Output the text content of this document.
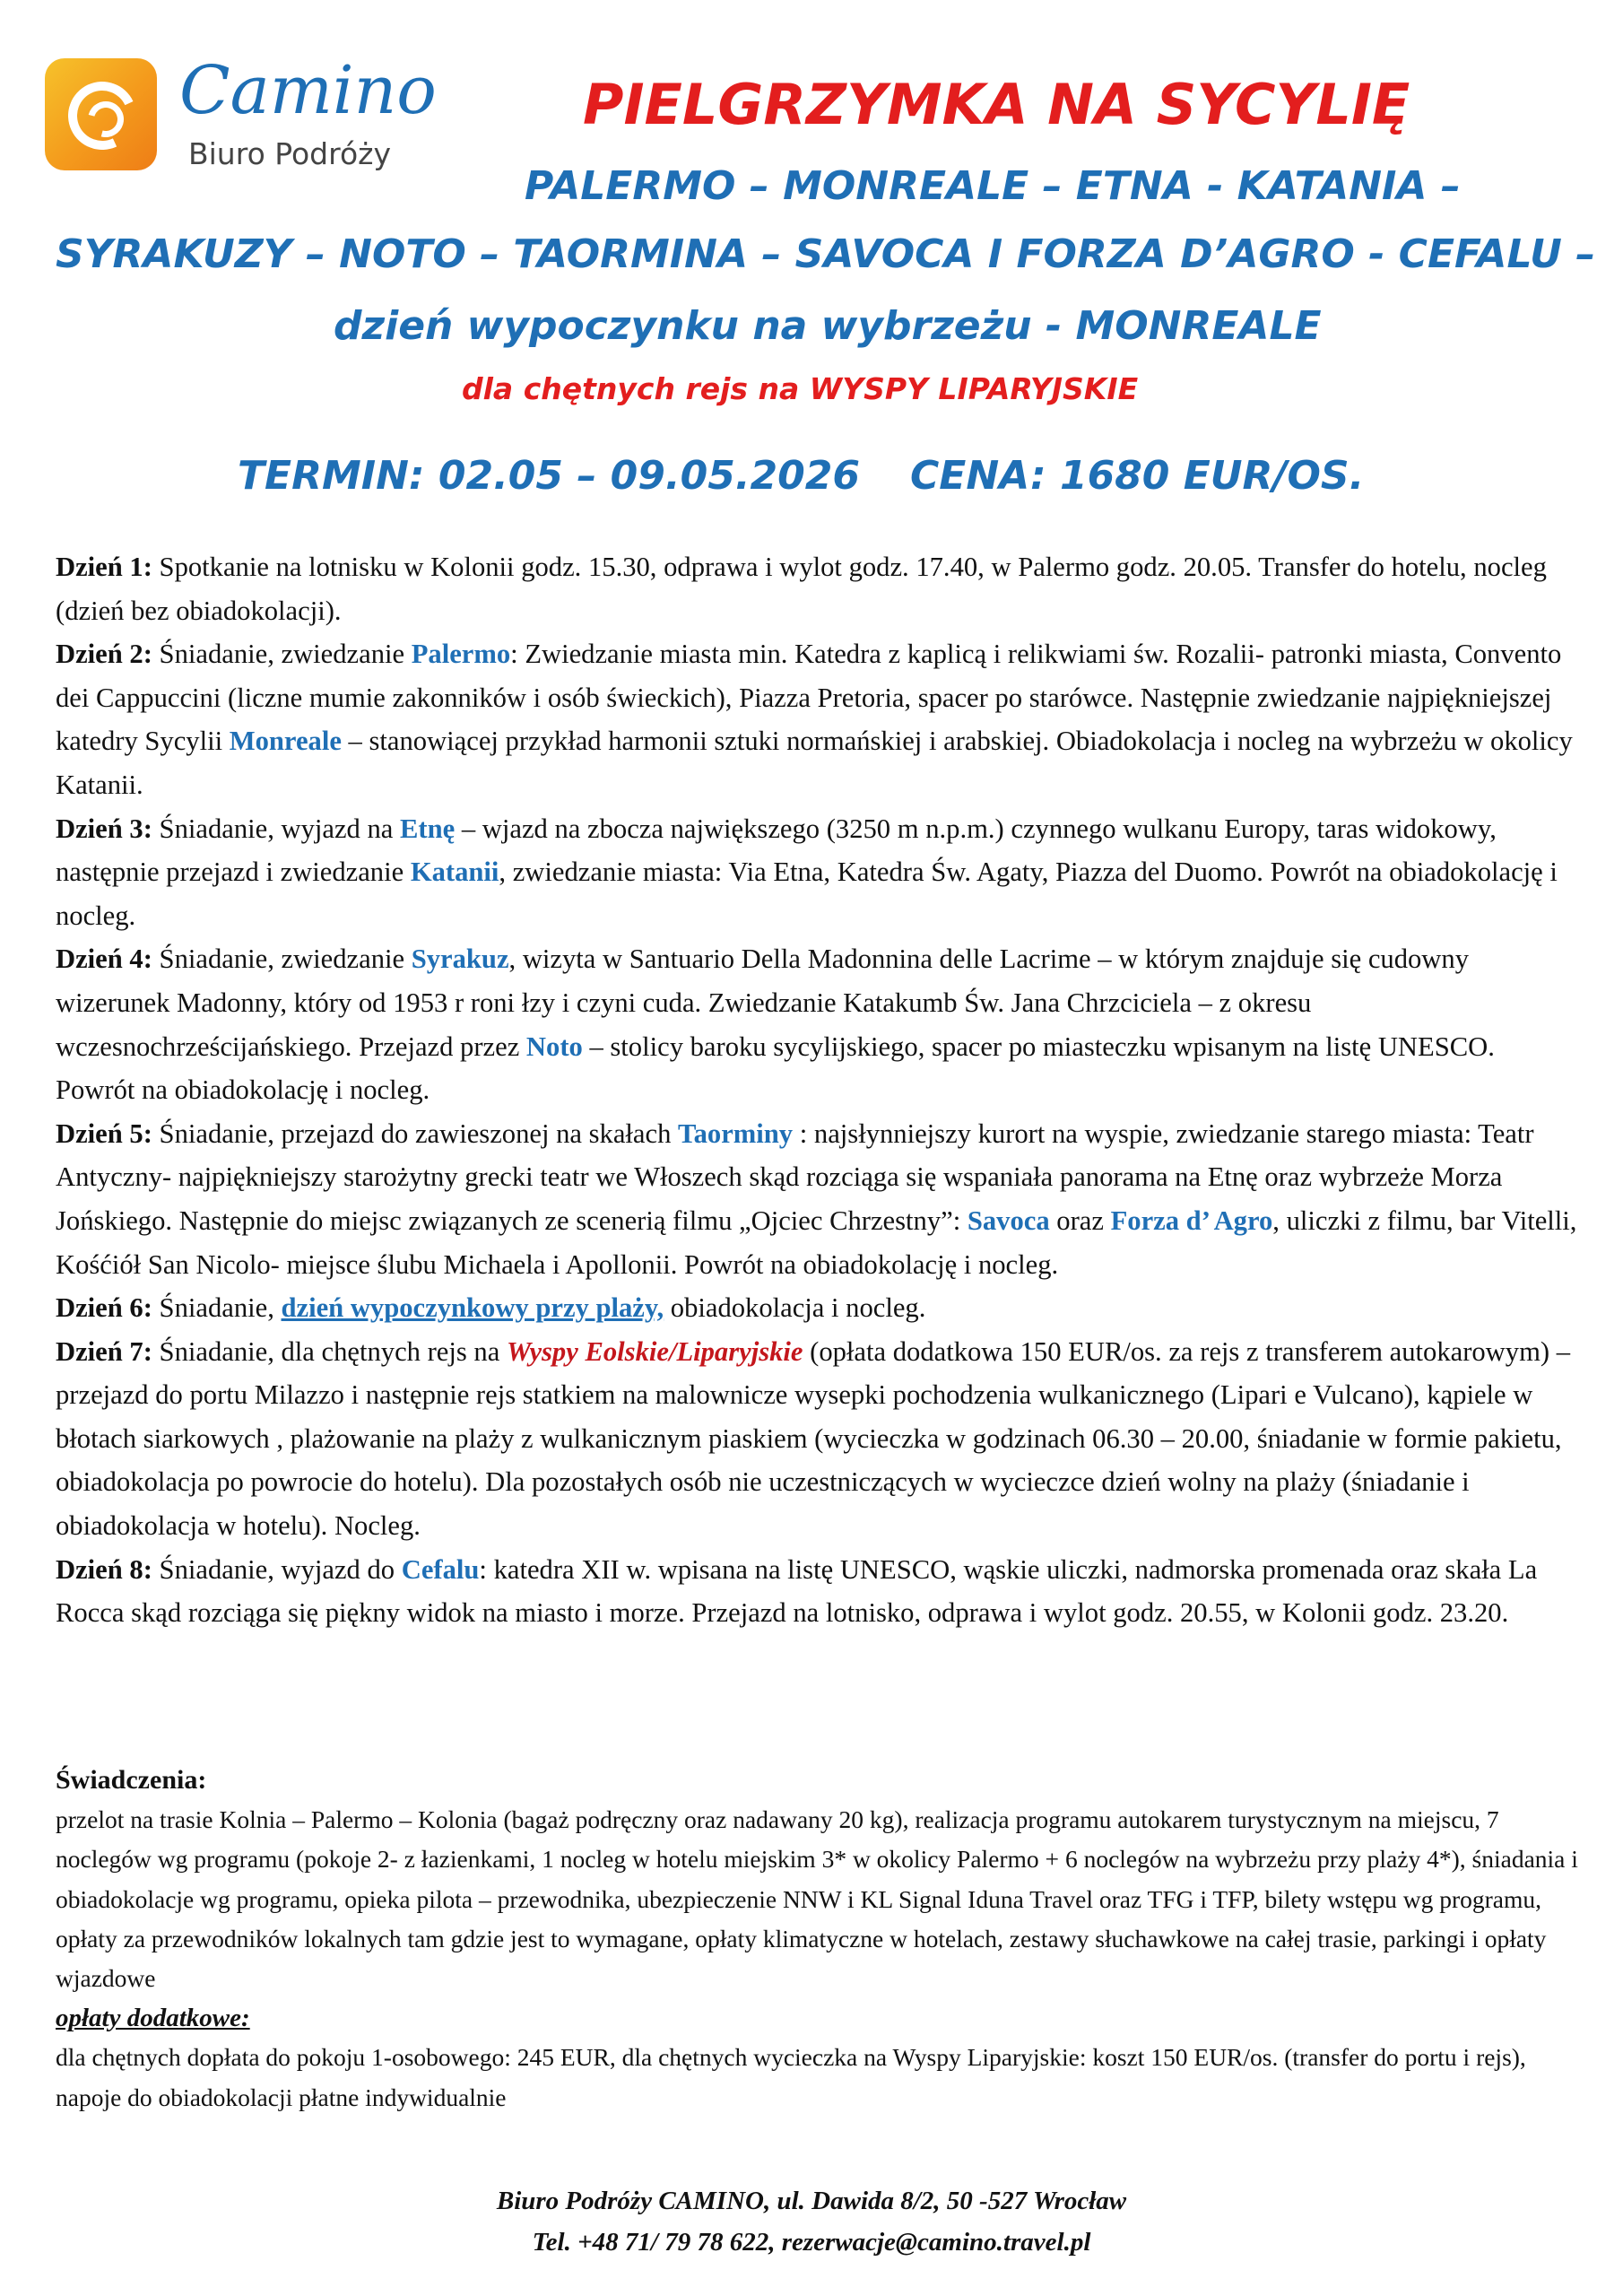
Camino
Biuro Podróży
PIELGRZYMKA NA SYCYLIĘ
PALERMO – MONREALE – ETNA - KATANIA –
SYRAKUZY – NOTO – TAORMINA – SAVOCA I FORZA D’AGRO - CEFALU –
dzień wypoczynku na wybrzeżu - MONREALE
dla chętnych rejs na WYSPY LIPARYJSKIE
TERMIN: 02.05 – 09.05.2026 CENA: 1680 EUR/OS.

Dzień 1: Spotkanie na lotnisku w Kolonii godz. 15.30, odprawa i wylot godz. 17.40, w Palermo godz. 20.05. Transfer do hotelu, nocleg (dzień bez obiadokolacji).

Dzień 2: Śniadanie, zwiedzanie Palermo: Zwiedzanie miasta min. Katedra z kaplicą i relikwiami św. Rozalii- patronki miasta, Convento dei Cappuccini (liczne mumie zakonników i osób świeckich), Piazza Pretoria, spacer po starówce. Następnie zwiedzanie najpiękniejszej katedry Sycylii Monreale – stanowiącej przykład harmonii sztuki normańskiej i arabskiej. Obiadokolacja i nocleg na wybrzeżu w okolicy Katanii.

Dzień 3: Śniadanie, wyjazd na Etnę – wjazd na zbocza największego (3250 m n.p.m.) czynnego wulkanu Europy, taras widokowy, następnie przejazd i zwiedzanie Katanii, zwiedzanie miasta: Via Etna, Katedra Św. Agaty, Piazza del Duomo. Powrót na obiadokolację i nocleg.

Dzień 4: Śniadanie, zwiedzanie Syrakuz, wizyta w Santuario Della Madonnina delle Lacrime – w którym znajduje się cudowny wizerunek Madonny, który od 1953 r roni łzy i czyni cuda. Zwiedzanie Katakumb Św. Jana Chrzciciela – z okresu wczesnochrześcijańskiego. Przejazd przez Noto – stolicy baroku sycylijskiego, spacer po miasteczku wpisanym na listę UNESCO. Powrót na obiadokolację i nocleg.

Dzień 5: Śniadanie, przejazd do zawieszonej na skałach Taorminy : najsłynniejszy kurort na wyspie, zwiedzanie starego miasta: Teatr Antyczny- najpiękniejszy starożytny grecki teatr we Włoszech skąd rozciąga się wspaniała panorama na Etnę oraz wybrzeże Morza Jońskiego. Następnie do miejsc związanych ze scenerią filmu „Ojciec Chrzestny”: Savoca oraz Forza d’ Agro, uliczki z filmu, bar Vitelli, Kośćiół San Nicolo- miejsce ślubu Michaela i Apollonii. Powrót na obiadokolację i nocleg.

Dzień 6: Śniadanie, dzień wypoczynkowy przy plaży, obiadokolacja i nocleg.

Dzień 7: Śniadanie, dla chętnych rejs na Wyspy Eolskie/Liparyjskie (opłata dodatkowa 150 EUR/os. za rejs z transferem autokarowym) – przejazd do portu Milazzo i następnie rejs statkiem na malownicze wysepki pochodzenia wulkanicznego (Lipari e Vulcano), kąpiele w błotach siarkowych , plażowanie na plaży z wulkanicznym piaskiem (wycieczka w godzinach 06.30 – 20.00, śniadanie w formie pakietu, obiadokolacja po powrocie do hotelu). Dla pozostałych osób nie uczestniczących w wycieczce dzień wolny na plaży (śniadanie i obiadokolacja w hotelu). Nocleg.

Dzień 8: Śniadanie, wyjazd do Cefalu: katedra XII w. wpisana na listę UNESCO, wąskie uliczki, nadmorska promenada oraz skała La Rocca skąd rozciąga się piękny widok na miasto i morze. Przejazd na lotnisko, odprawa i wylot godz. 20.55, w Kolonii godz. 23.20.

Świadczenia:

przelot na trasie Kolnia – Palermo – Kolonia (bagaż podręczny oraz nadawany 20 kg), realizacja programu autokarem turystycznym na miejscu, 7 noclegów wg programu (pokoje 2- z łazienkami, 1 nocleg w hotelu miejskim 3* w okolicy Palermo + 6 noclegów na wybrzeżu przy plaży 4*), śniadania i obiadokolacje wg programu, opieka pilota – przewodnika, ubezpieczenie NNW i KL Signal Iduna Travel oraz TFG i TFP, bilety wstępu wg programu, opłaty za przewodników lokalnych tam gdzie jest to wymagane, opłaty klimatyczne w hotelach, zestawy słuchawkowe na całej trasie, parkingi i opłaty wjazdowe

opłaty dodatkowe:

dla chętnych dopłata do pokoju 1-osobowego: 245 EUR, dla chętnych wycieczka na Wyspy Liparyjskie: koszt 150 EUR/os. (transfer do portu i rejs), napoje do obiadokolacji płatne indywidualnie

Biuro Podróży CAMINO, ul. Dawida 8/2, 50 -527 Wrocław
Tel. +48 71/ 79 78 622, rezerwacje@camino.travel.pl
